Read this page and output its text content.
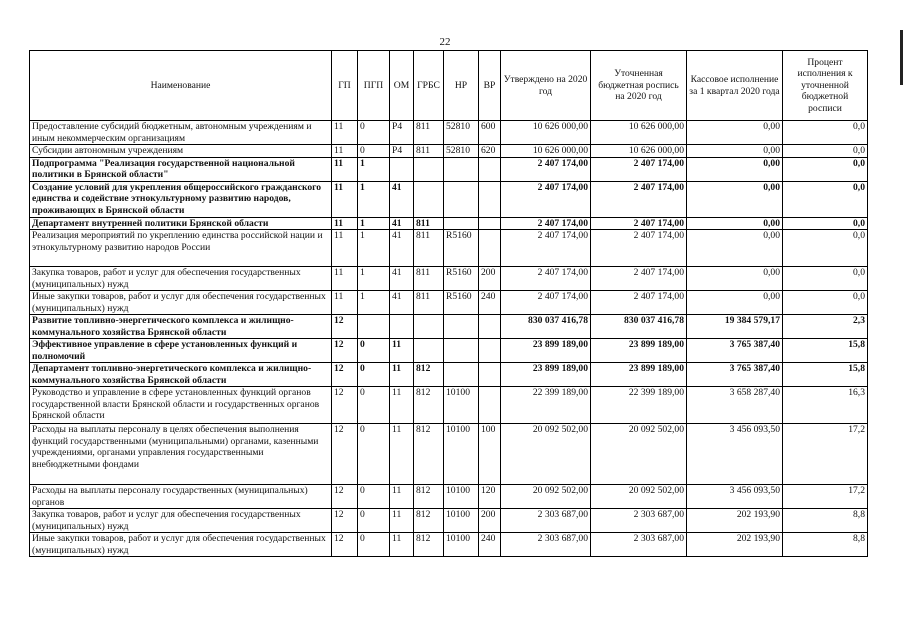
22
Наименование	ГП	ПГП	ОМ	ГРБС	НР	ВР	Утверждено на 2020 год	Уточненная бюджетная роспись на 2020 год	Кассовое исполнение за 1 квартал 2020 года	Процент исполнения к уточненной бюджетной росписи
Предоставление субсидий бюджетным, автономным учреждениям и иным некоммерческим организациям	11	0	Р4	811	52810	600	10 626 000,00	10 626 000,00	0,00	0,0
Субсидии автономным учреждениям	11	0	Р4	811	52810	620	10 626 000,00	10 626 000,00	0,00	0,0
Подпрограмма "Реализация государственной национальной политики в Брянской области"	11	1					2 407 174,00	2 407 174,00	0,00	0,0
Создание условий для укрепления общероссийского гражданского единства и содействие этнокультурному развитию народов, проживающих в Брянской области	11	1	41				2 407 174,00	2 407 174,00	0,00	0,0
Департамент внутренней политики Брянской области	11	1	41	811			2 407 174,00	2 407 174,00	0,00	0,0
Реализация мероприятий по укреплению единства российской нации и этнокультурному развитию народов России	11	1	41	811	R5160		2 407 174,00	2 407 174,00	0,00	0,0
Закупка товаров, работ и услуг для обеспечения государственных (муниципальных) нужд	11	1	41	811	R5160	200	2 407 174,00	2 407 174,00	0,00	0,0
Иные закупки товаров, работ и услуг для обеспечения государственных (муниципальных) нужд	11	1	41	811	R5160	240	2 407 174,00	2 407 174,00	0,00	0,0
Развитие топливно-энергетического комплекса и жилищно-коммунального хозяйства Брянской области	12						830 037 416,78	830 037 416,78	19 384 579,17	2,3
Эффективное управление в сфере установленных функций и полномочий	12	0	11				23 899 189,00	23 899 189,00	3 765 387,40	15,8
Департамент топливно-энергетического комплекса и жилищно-коммунального хозяйства Брянской области	12	0	11	812			23 899 189,00	23 899 189,00	3 765 387,40	15,8
Руководство и управление в сфере установленных функций органов государственной власти Брянской области и государственных органов Брянской области	12	0	11	812	10100		22 399 189,00	22 399 189,00	3 658 287,40	16,3
Расходы на выплаты персоналу в целях обеспечения выполнения функций государственными (муниципальными) органами, казенными учреждениями, органами управления государственными внебюджетными фондами	12	0	11	812	10100	100	20 092 502,00	20 092 502,00	3 456 093,50	17,2
Расходы на выплаты персоналу государственных (муниципальных) органов	12	0	11	812	10100	120	20 092 502,00	20 092 502,00	3 456 093,50	17,2
Закупка товаров, работ и услуг для обеспечения государственных (муниципальных) нужд	12	0	11	812	10100	200	2 303 687,00	2 303 687,00	202 193,90	8,8
Иные закупки товаров, работ и услуг для обеспечения государственных (муниципальных) нужд	12	0	11	812	10100	240	2 303 687,00	2 303 687,00	202 193,90	8,8
